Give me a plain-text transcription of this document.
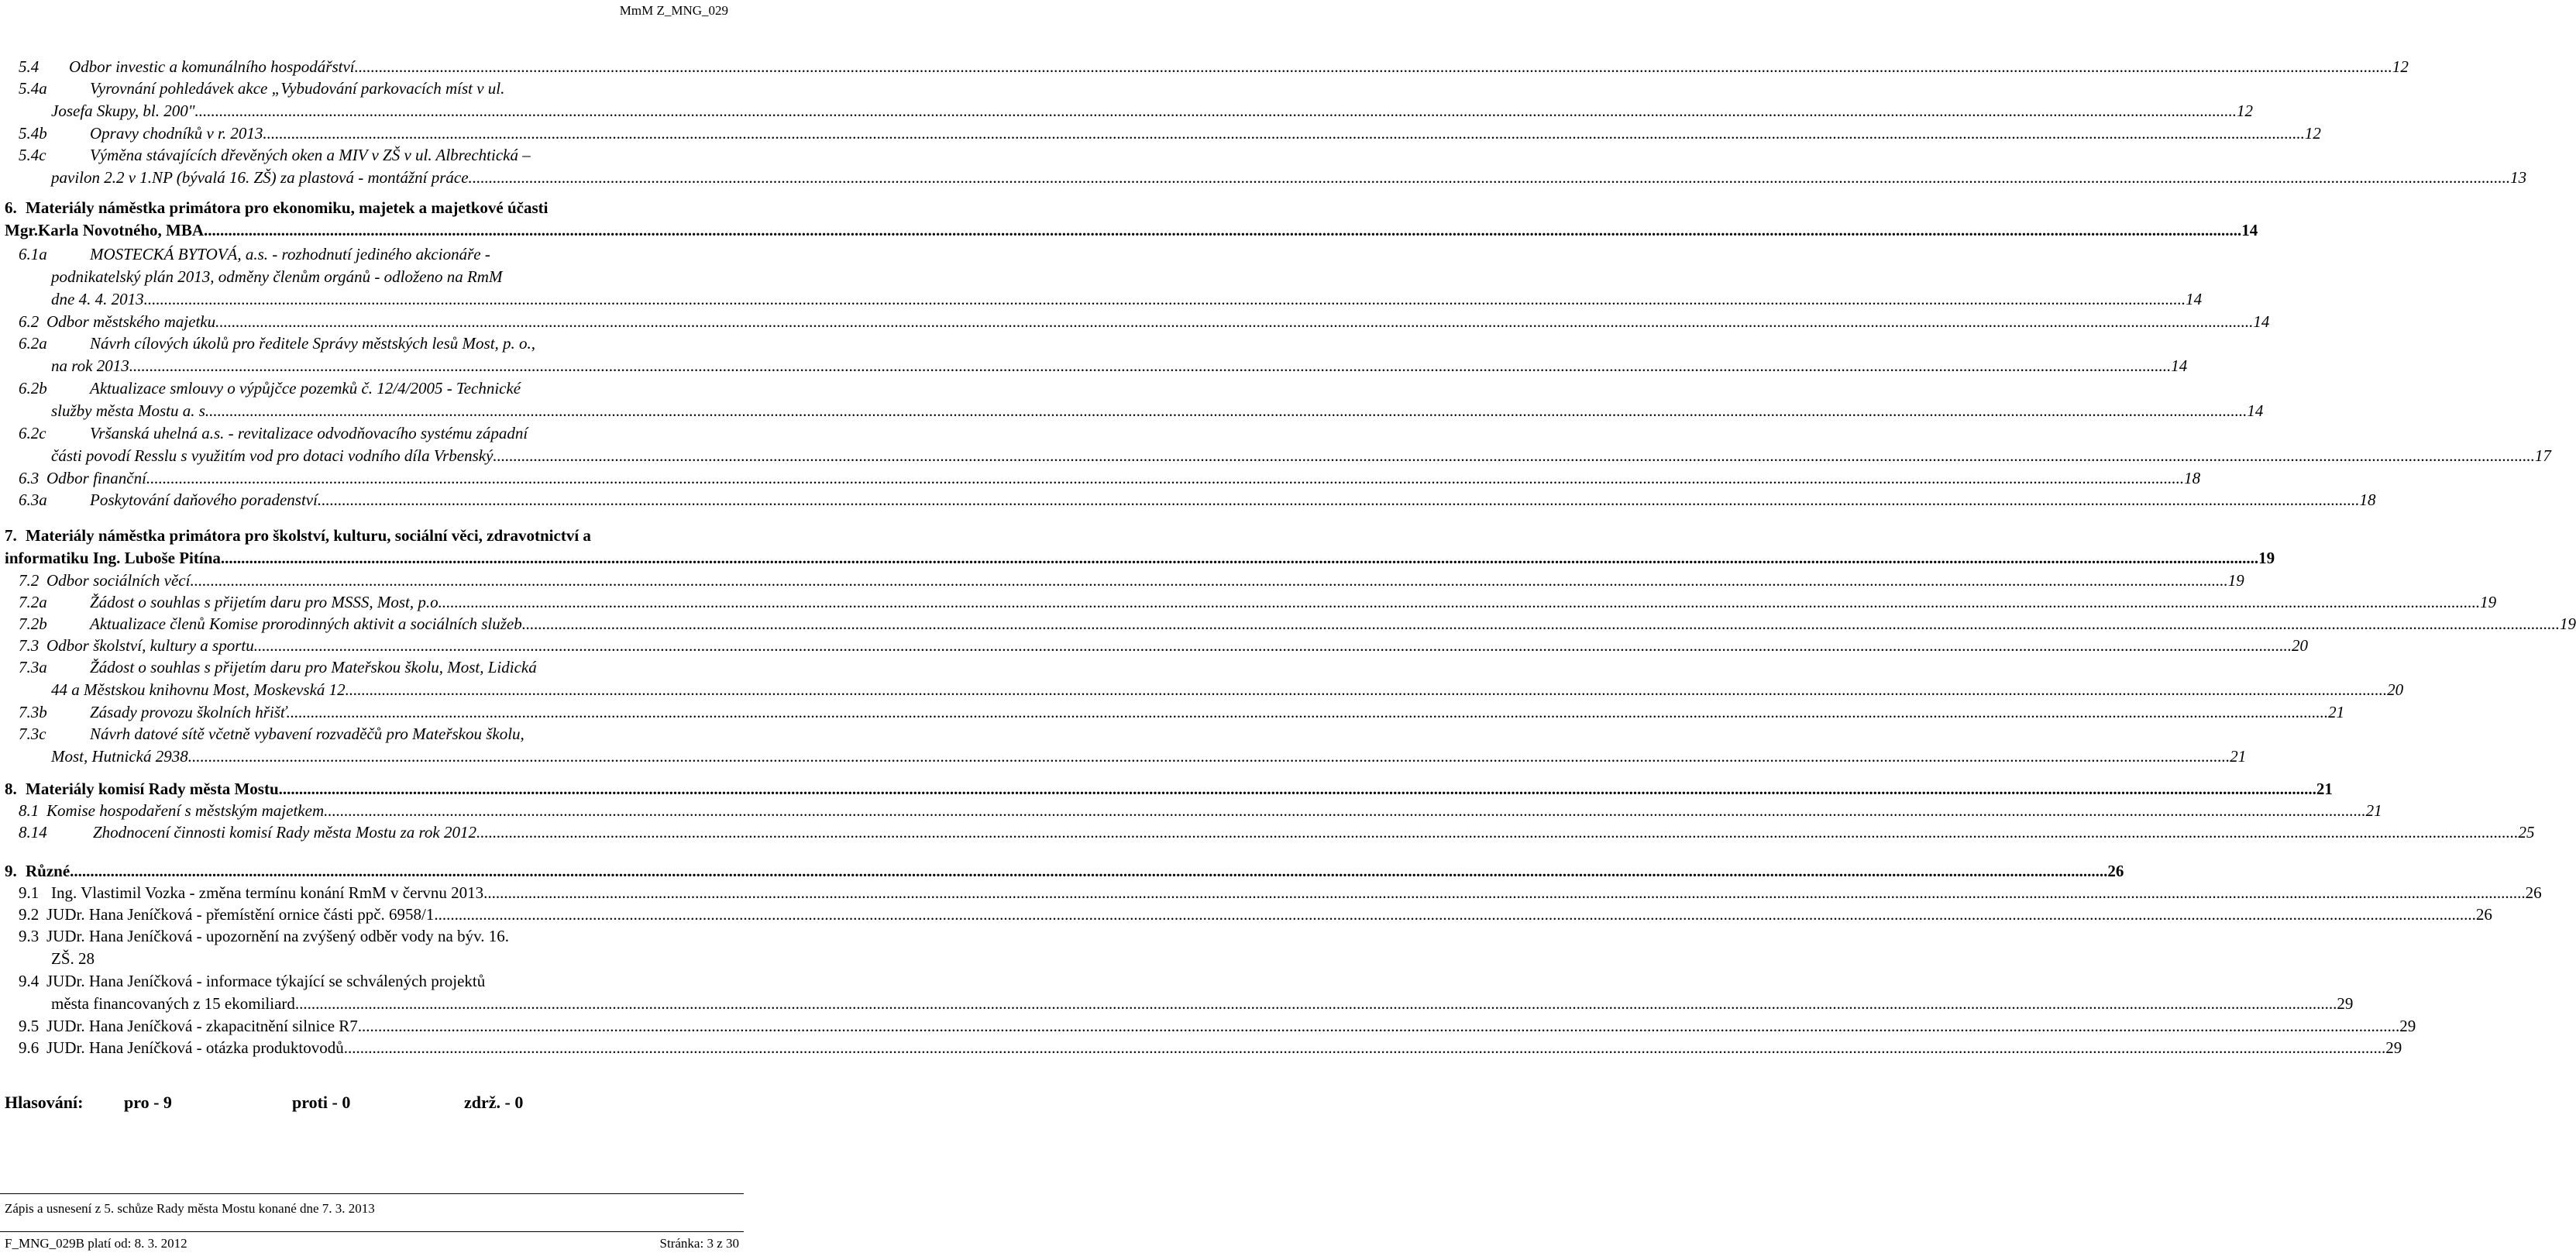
MmM Z_MNG_029
5.4 Odbor investic a komunálního hospodářství .....	12
5.4a	Vyrovnání pohledávek akce „Vybudování parkovacích míst v ul.
Josefa Skupy, bl. 200". .....	12
5.4b	Opravy chodníků v r. 2013. .....	12
5.4c	Výměna stávajících dřevěných oken a MIV v ZŠ v ul. Albrechtická –
pavilon 2.2 v 1.NP (bývalá 16. ZŠ) za plastová - montážní práce. .....	13
6. Materiály náměstka primátora pro ekonomiku, majetek a majetkové účasti
Mgr.Karla Novotného, MBA .....	14
6.1a	MOSTECKÁ BYTOVÁ, a.s. - rozhodnutí jediného akcionáře -
podnikatelský plán 2013, odměny členům orgánů - odloženo na RmM
dne 4. 4. 2013. .....	14
6.2 Odbor městského majetku .....	14
6.2a	Návrh cílových úkolů pro ředitele Správy městských lesů Most, p. o.,
na rok 2013. .....	14
6.2b	Aktualizace smlouvy o výpůjčce pozemků č. 12/4/2005 - Technické
služby města Mostu a. s. .....	14
6.2c	Vršanská uhelná a.s. - revitalizace odvodňovacího systému západní
části povodí Resslu s využitím vod pro dotaci vodního díla Vrbenský. .....	17
6.3 Odbor finanční .....	18
6.3a	Poskytování daňového poradenství. .....	18
7. Materiály náměstka primátora pro školství, kulturu, sociální věci, zdravotnictví a
informatiku Ing. Luboše Pitína .....	19
7.2 Odbor sociálních věcí .....	19
7.2a	Žádost o souhlas s přijetím daru pro MSSS, Most, p.o. .....	19
7.2b	Aktualizace členů Komise prorodinných aktivit a sociálních služeb .....	19
7.3 Odbor školství, kultury a sportu .....	20
7.3a	Žádost o souhlas s přijetím daru pro Mateřskou školu, Most, Lidická
44 a Městskou knihovnu Most, Moskevská 12. .....	20
7.3b	Zásady provozu školních hřišť. .....	21
7.3c	Návrh datové sítě včetně vybavení rozvaděčů pro Mateřskou školu,
Most, Hutnická 2938. .....	21
8. Materiály komisí Rady města Mostu .....	21
8.1 Komise hospodaření s městským majetkem. .....	21
8.14	Zhodnocení činnosti komisí Rady města Mostu za rok 2012. .....	25
9. Různé .....	26
9.1 Ing. Vlastimil Vozka - změna termínu konání RmM v červnu 2013. .....	26
9.2 JUDr. Hana Jeníčková - přemístění ornice části ppč. 6958/1. .....	26
9.3 JUDr. Hana Jeníčková - upozornění na zvýšený odběr vody na býv. 16.
ZŠ. 28
9.4 JUDr. Hana Jeníčková - informace týkající se schválených projektů
města financovaných z 15 ekomiliard. .....	29
9.5 JUDr. Hana Jeníčková - zkapacitnění silnice R7. .....	29
9.6 JUDr. Hana Jeníčková - otázka produktovodů. .....	29
Hlasování: pro - 9	proti - 0	zdrž. - 0
Zápis a usnesení z 5. schůze Rady města Mostu konané dne 7. 3. 2013
F_MNG_029B platí od: 8. 3. 2012	Stránka: 3 z 30
